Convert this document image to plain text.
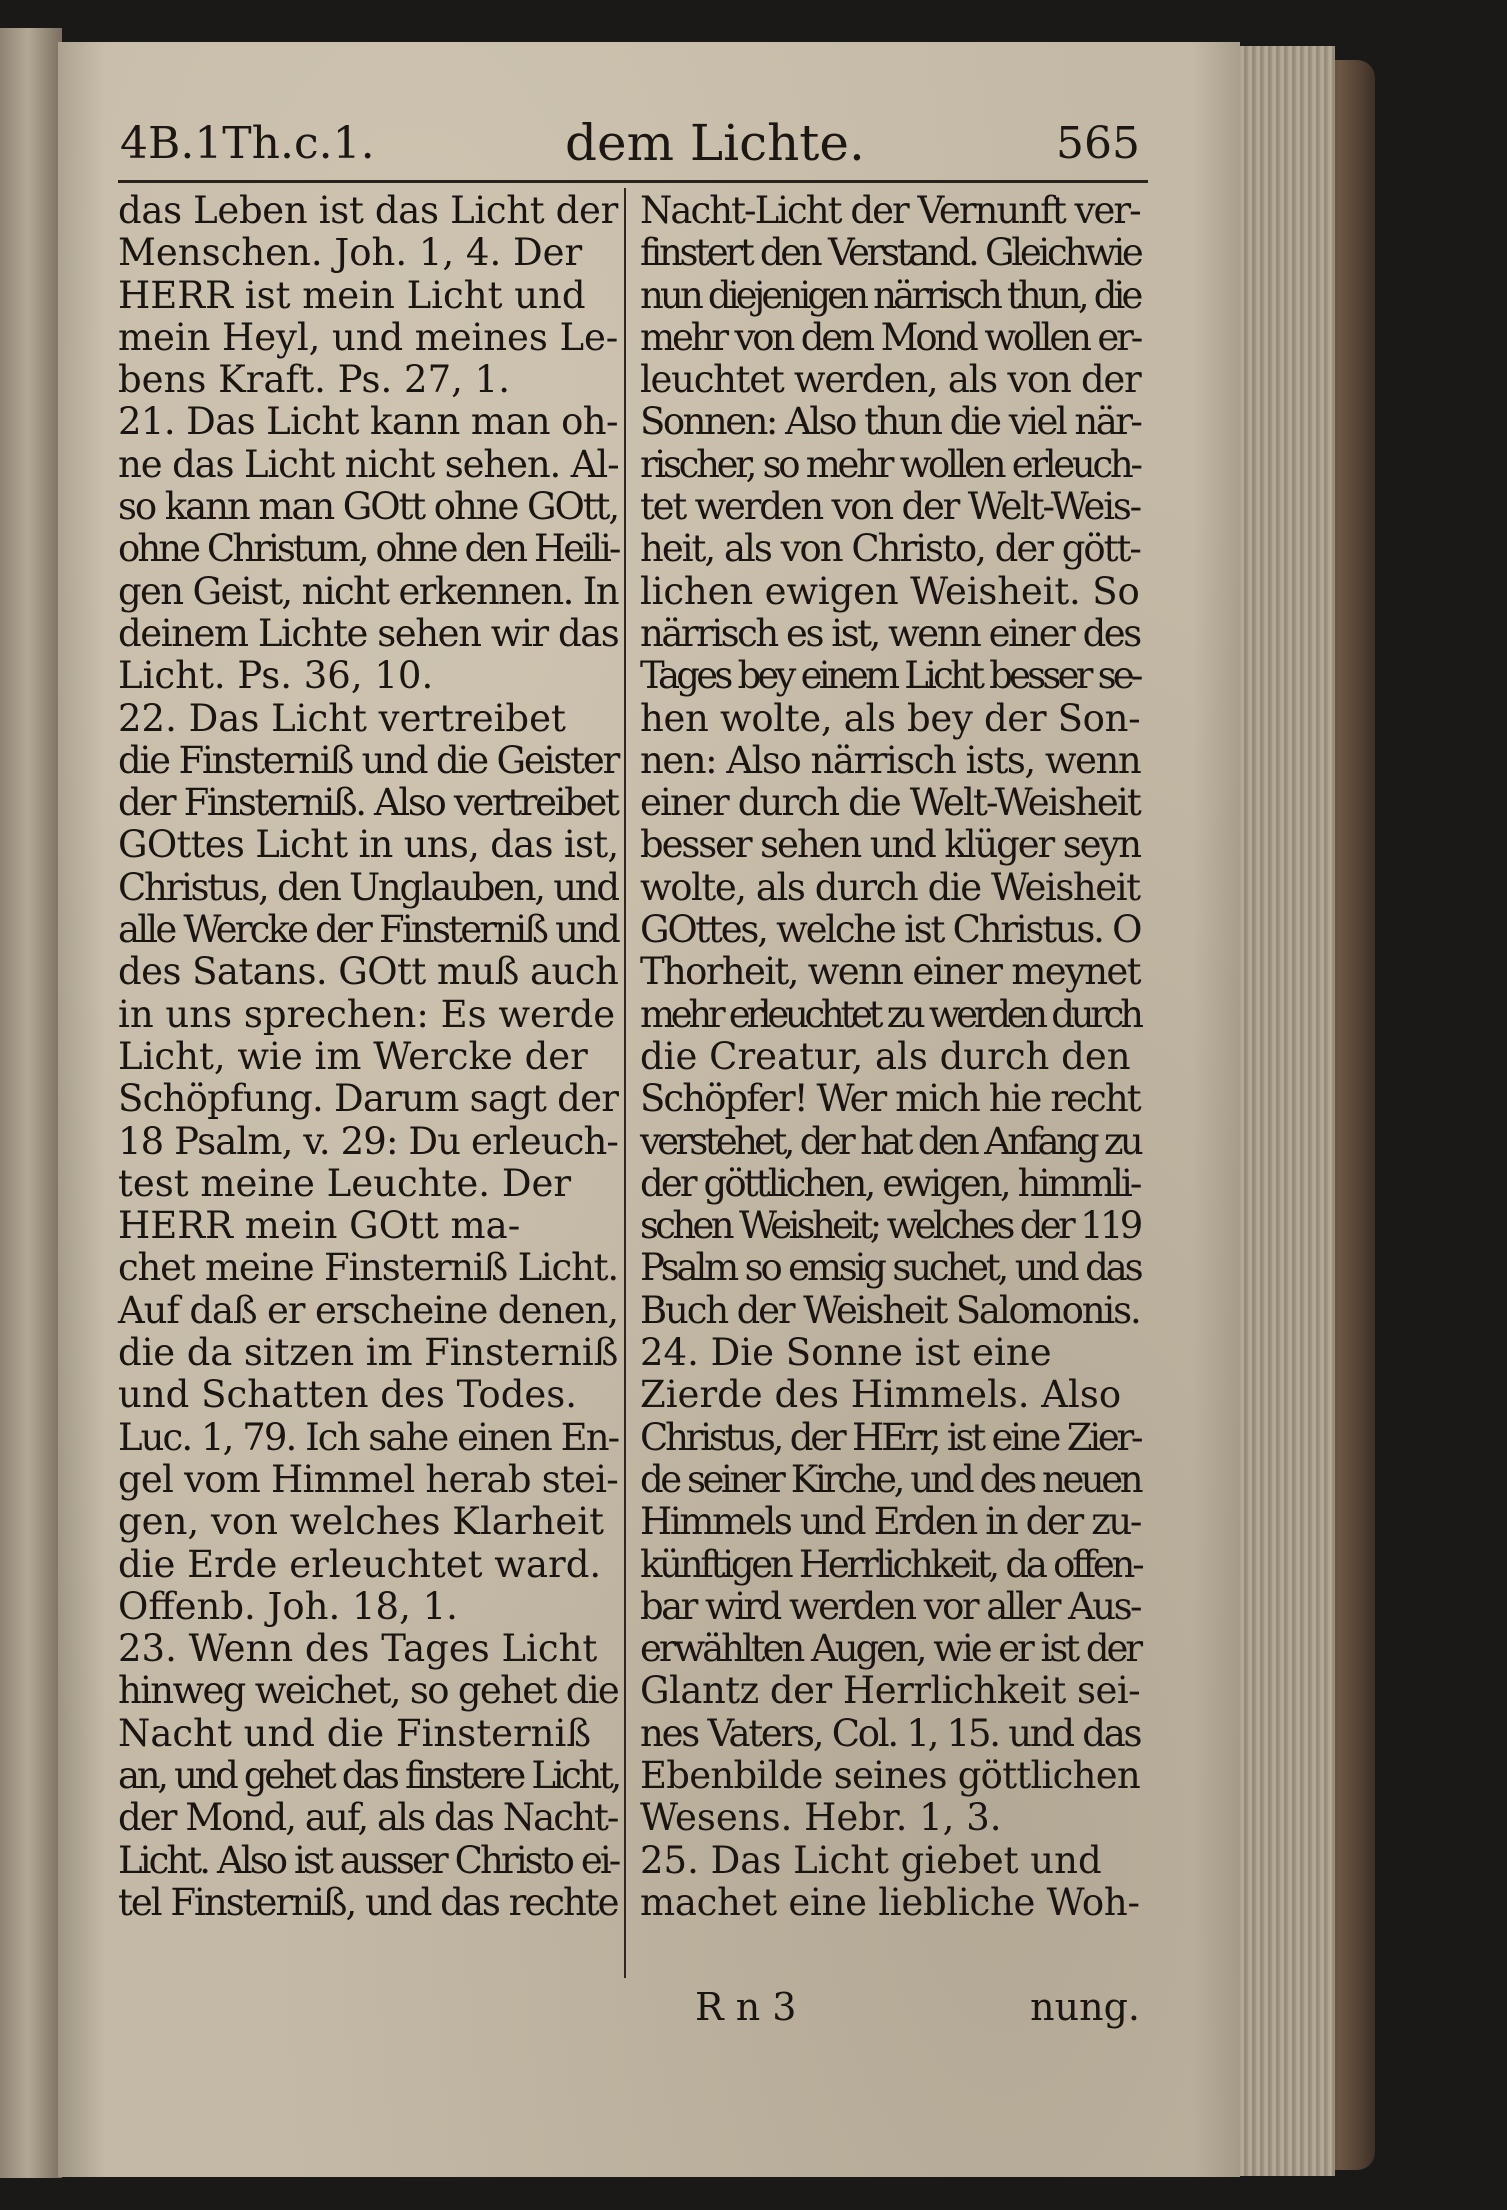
4B.1Th.c.1.	dem Lichte.	565
das Leben ist das Licht der
Menschen. Joh. 1, 4. Der
HERR ist mein Licht und
mein Heyl, und meines Le-
bens Kraft. Ps. 27, 1.
21. Das Licht kann man oh-
ne das Licht nicht sehen. Al-
so kann man GOtt ohne GOtt,
ohne Christum, ohne den Heili-
gen Geist, nicht erkennen. In
deinem Lichte sehen wir das
Licht. Ps. 36, 10.
22. Das Licht vertreibet
die Finsterniß und die Geister
der Finsterniß. Also vertreibet
GOttes Licht in uns, das ist,
Christus, den Unglauben, und
alle Wercke der Finsterniß und
des Satans. GOtt muß auch
in uns sprechen: Es werde
Licht, wie im Wercke der
Schöpfung. Darum sagt der
18 Psalm, v. 29: Du erleuch-
test meine Leuchte. Der
HERR mein GOtt ma-
chet meine Finsterniß Licht.
Auf daß er erscheine denen,
die da sitzen im Finsterniß
und Schatten des Todes.
Luc. 1, 79. Ich sahe einen En-
gel vom Himmel herab stei-
gen, von welches Klarheit
die Erde erleuchtet ward.
Offenb. Joh. 18, 1.
23. Wenn des Tages Licht
hinweg weichet, so gehet die
Nacht und die Finsterniß
an, und gehet das finstere Licht,
der Mond, auf, als das Nacht-
Licht. Also ist ausser Christo ei-
tel Finsterniß, und das rechte
Nacht-Licht der Vernunft ver-
finstert den Verstand. Gleichwie
nun diejenigen närrisch thun, die
mehr von dem Mond wollen er-
leuchtet werden, als von der
Sonnen: Also thun die viel när-
rischer, so mehr wollen erleuch-
tet werden von der Welt-Weis-
heit, als von Christo, der gött-
lichen ewigen Weisheit. So
närrisch es ist, wenn einer des
Tages bey einem Licht besser se-
hen wolte, als bey der Son-
nen: Also närrisch ists, wenn
einer durch die Welt-Weisheit
besser sehen und klüger seyn
wolte, als durch die Weisheit
GOttes, welche ist Christus. O
Thorheit, wenn einer meynet
mehr erleuchtet zu werden durch
die Creatur, als durch den
Schöpfer! Wer mich hie recht
verstehet, der hat den Anfang zu
der göttlichen, ewigen, himmli-
schen Weisheit; welches der 119
Psalm so emsig suchet, und das
Buch der Weisheit Salomonis.
24. Die Sonne ist eine
Zierde des Himmels. Also
Christus, der HErr, ist eine Zier-
de seiner Kirche, und des neuen
Himmels und Erden in der zu-
künftigen Herrlichkeit, da offen-
bar wird werden vor aller Aus-
erwählten Augen, wie er ist der
Glantz der Herrlichkeit sei-
nes Vaters, Col. 1, 15. und das
Ebenbilde seines göttlichen
Wesens. Hebr. 1, 3.
25. Das Licht giebet und
machet eine liebliche Woh-
R n 3	nung.
